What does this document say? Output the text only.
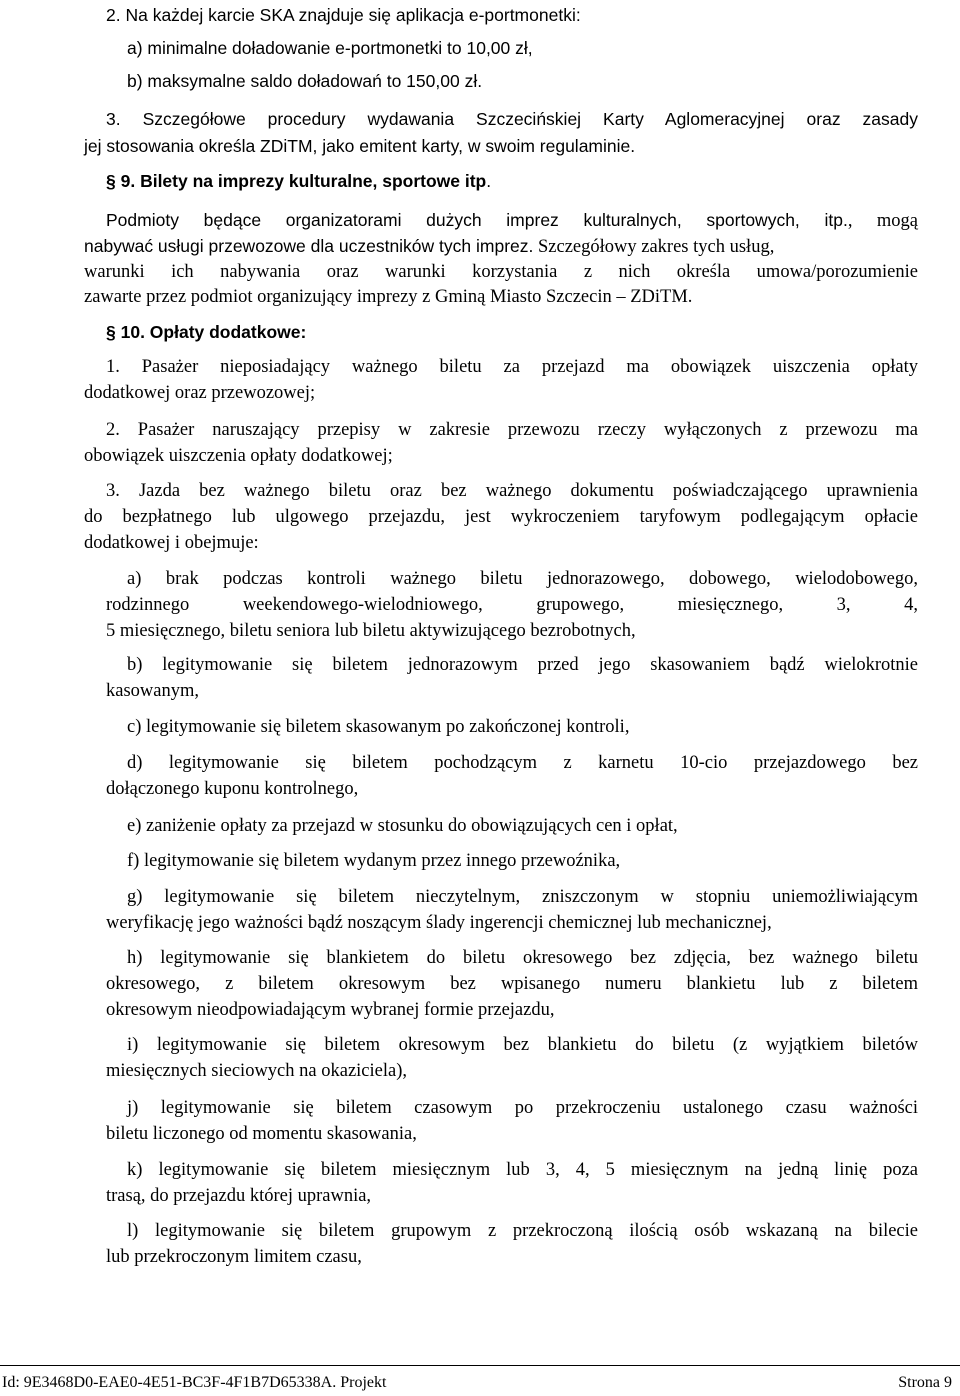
2. Na każdej karcie SKA znajduje się aplikacja e-portmonetki:
a) minimalne doładowanie e-portmonetki to 10,00 zł,
b) maksymalne saldo doładowań to 150,00 zł.
3. Szczegółowe procedury wydawania Szczecińskiej Karty Aglomeracyjnej oraz zasady
jej stosowania określa ZDiTM, jako emitent karty, w swoim regulaminie.
§ 9. Bilety na imprezy kulturalne, sportowe itp.
Podmioty będące organizatorami dużych imprez kulturalnych, sportowych, itp., mogą
nabywać usługi przewozowe dla uczestników tych imprez. Szczegółowy zakres tych usług,
warunki ich nabywania oraz warunki korzystania z nich określa umowa/porozumienie
zawarte przez podmiot organizujący imprezy z Gminą Miasto Szczecin – ZDiTM.
§ 10. Opłaty dodatkowe:
1. Pasażer nieposiadający ważnego biletu za przejazd ma obowiązek uiszczenia opłaty
dodatkowej oraz przewozowej;
2. Pasażer naruszający przepisy w zakresie przewozu rzeczy wyłączonych z przewozu ma
obowiązek uiszczenia opłaty dodatkowej;
3. Jazda bez ważnego biletu oraz bez ważnego dokumentu poświadczającego uprawnienia
do bezpłatnego lub ulgowego przejazdu, jest wykroczeniem taryfowym podlegającym opłacie
dodatkowej i obejmuje:
a) brak podczas kontroli ważnego biletu jednorazowego, dobowego, wielodobowego,
rodzinnego weekendowego-wielodniowego, grupowego, miesięcznego, 3, 4,
5 miesięcznego, biletu seniora lub biletu aktywizującego bezrobotnych,
b) legitymowanie się biletem jednorazowym przed jego skasowaniem bądź wielokrotnie
kasowanym,
c) legitymowanie się biletem skasowanym po zakończonej kontroli,
d) legitymowanie się biletem pochodzącym z karnetu 10-cio przejazdowego bez
dołączonego kuponu kontrolnego,
e) zaniżenie opłaty za przejazd w stosunku do obowiązujących cen i opłat,
f) legitymowanie się biletem wydanym przez innego przewoźnika,
g) legitymowanie się biletem nieczytelnym, zniszczonym w stopniu uniemożliwiającym
weryfikację jego ważności bądź noszącym ślady ingerencji chemicznej lub mechanicznej,
h) legitymowanie się blankietem do biletu okresowego bez zdjęcia, bez ważnego biletu
okresowego, z biletem okresowym bez wpisanego numeru blankietu lub z biletem
okresowym nieodpowiadającym wybranej formie przejazdu,
i) legitymowanie się biletem okresowym bez blankietu do biletu (z wyjątkiem biletów
miesięcznych sieciowych na okaziciela),
j) legitymowanie się biletem czasowym po przekroczeniu ustalonego czasu ważności
biletu liczonego od momentu skasowania,
k) legitymowanie się biletem miesięcznym lub 3, 4, 5 miesięcznym na jedną linię poza
trasą, do przejazdu której uprawnia,
l) legitymowanie się biletem grupowym z przekroczoną ilością osób wskazaną na bilecie
lub przekroczonym limitem czasu,
Id: 9E3468D0-EAE0-4E51-BC3F-4F1B7D65338A. Projekt	Strona 9
